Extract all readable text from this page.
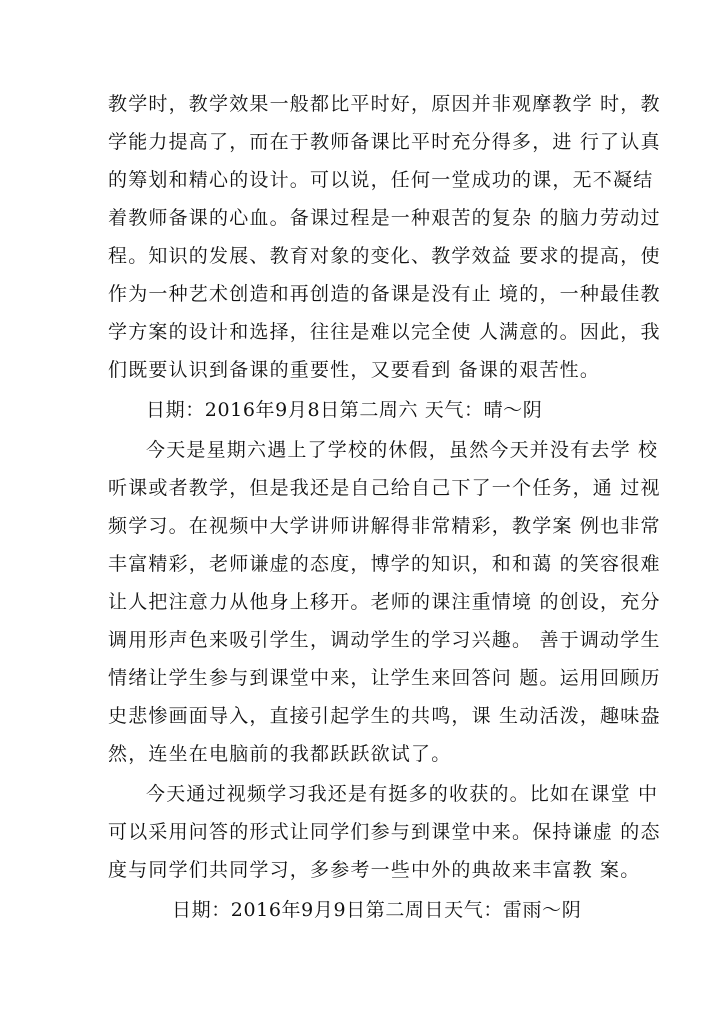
教学时，教学效果一般都比平时好，原因并非观摩教学 时，教
学能力提高了，而在于教师备课比平时充分得多，进 行了认真
的筹划和精心的设计。可以说，任何一堂成功的课，无不凝结
着教师备课的心血。备课过程是一种艰苦的复杂 的脑力劳动过
程。知识的发展、教育对象的变化、教学效益 要求的提高，使
作为一种艺术创造和再创造的备课是没有止 境的，一种最佳教
学方案的设计和选择，往往是难以完全使 人满意的。因此，我
们既要认识到备课的重要性，又要看到 备课的艰苦性。
日期：2016年9月8日第二周六 天气：晴～阴
今天是星期六遇上了学校的休假，虽然今天并没有去学 校
听课或者教学，但是我还是自己给自己下了一个任务，通 过视
频学习。在视频中大学讲师讲解得非常精彩，教学案 例也非常
丰富精彩，老师谦虚的态度，博学的知识，和和蔼 的笑容很难
让人把注意力从他身上移开。老师的课注重情境 的创设，充分
调用形声色来吸引学生，调动学生的学习兴趣。 善于调动学生
情绪让学生参与到课堂中来，让学生来回答问 题。运用回顾历
史悲惨画面导入，直接引起学生的共鸣，课 生动活泼，趣味盎
然，连坐在电脑前的我都跃跃欲试了。
今天通过视频学习我还是有挺多的收获的。比如在课堂 中
可以采用问答的形式让同学们参与到课堂中来。保持谦虚 的态
度与同学们共同学习，多参考一些中外的典故来丰富教 案。
日期：2016年9月9日第二周日天气：雷雨～阴
